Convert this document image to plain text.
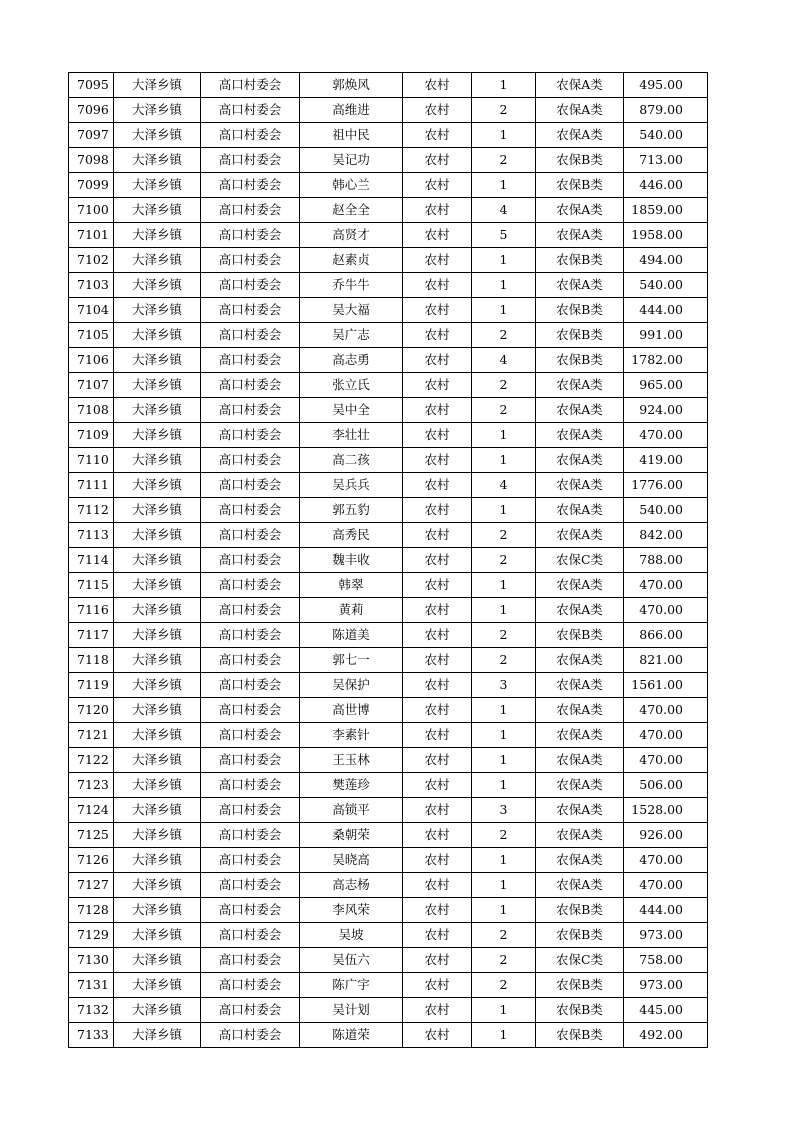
7095	大泽乡镇	高口村委会	郭焕风	农村	1	农保A类	495.00
7096	大泽乡镇	高口村委会	高维进	农村	2	农保A类	879.00
7097	大泽乡镇	高口村委会	祖中民	农村	1	农保A类	540.00
7098	大泽乡镇	高口村委会	吴记功	农村	2	农保B类	713.00
7099	大泽乡镇	高口村委会	韩心兰	农村	1	农保B类	446.00
7100	大泽乡镇	高口村委会	赵全全	农村	4	农保A类	1859.00
7101	大泽乡镇	高口村委会	高贤才	农村	5	农保A类	1958.00
7102	大泽乡镇	高口村委会	赵素贞	农村	1	农保B类	494.00
7103	大泽乡镇	高口村委会	乔牛牛	农村	1	农保A类	540.00
7104	大泽乡镇	高口村委会	吴大福	农村	1	农保B类	444.00
7105	大泽乡镇	高口村委会	吴广志	农村	2	农保B类	991.00
7106	大泽乡镇	高口村委会	高志勇	农村	4	农保B类	1782.00
7107	大泽乡镇	高口村委会	张立氏	农村	2	农保A类	965.00
7108	大泽乡镇	高口村委会	吴中全	农村	2	农保A类	924.00
7109	大泽乡镇	高口村委会	李壮壮	农村	1	农保A类	470.00
7110	大泽乡镇	高口村委会	高二孩	农村	1	农保A类	419.00
7111	大泽乡镇	高口村委会	吴兵兵	农村	4	农保A类	1776.00
7112	大泽乡镇	高口村委会	郭五豹	农村	1	农保A类	540.00
7113	大泽乡镇	高口村委会	高秀民	农村	2	农保A类	842.00
7114	大泽乡镇	高口村委会	魏丰收	农村	2	农保C类	788.00
7115	大泽乡镇	高口村委会	韩翠	农村	1	农保A类	470.00
7116	大泽乡镇	高口村委会	黄莉	农村	1	农保A类	470.00
7117	大泽乡镇	高口村委会	陈道美	农村	2	农保B类	866.00
7118	大泽乡镇	高口村委会	郭七一	农村	2	农保A类	821.00
7119	大泽乡镇	高口村委会	吴保护	农村	3	农保A类	1561.00
7120	大泽乡镇	高口村委会	高世博	农村	1	农保A类	470.00
7121	大泽乡镇	高口村委会	李素针	农村	1	农保A类	470.00
7122	大泽乡镇	高口村委会	王玉林	农村	1	农保A类	470.00
7123	大泽乡镇	高口村委会	樊莲珍	农村	1	农保A类	506.00
7124	大泽乡镇	高口村委会	高锁平	农村	3	农保A类	1528.00
7125	大泽乡镇	高口村委会	桑朝荣	农村	2	农保A类	926.00
7126	大泽乡镇	高口村委会	吴晓高	农村	1	农保A类	470.00
7127	大泽乡镇	高口村委会	高志杨	农村	1	农保A类	470.00
7128	大泽乡镇	高口村委会	李风荣	农村	1	农保B类	444.00
7129	大泽乡镇	高口村委会	吴坡	农村	2	农保B类	973.00
7130	大泽乡镇	高口村委会	吴伍六	农村	2	农保C类	758.00
7131	大泽乡镇	高口村委会	陈广宇	农村	2	农保B类	973.00
7132	大泽乡镇	高口村委会	吴计划	农村	1	农保B类	445.00
7133	大泽乡镇	高口村委会	陈道荣	农村	1	农保B类	492.00
